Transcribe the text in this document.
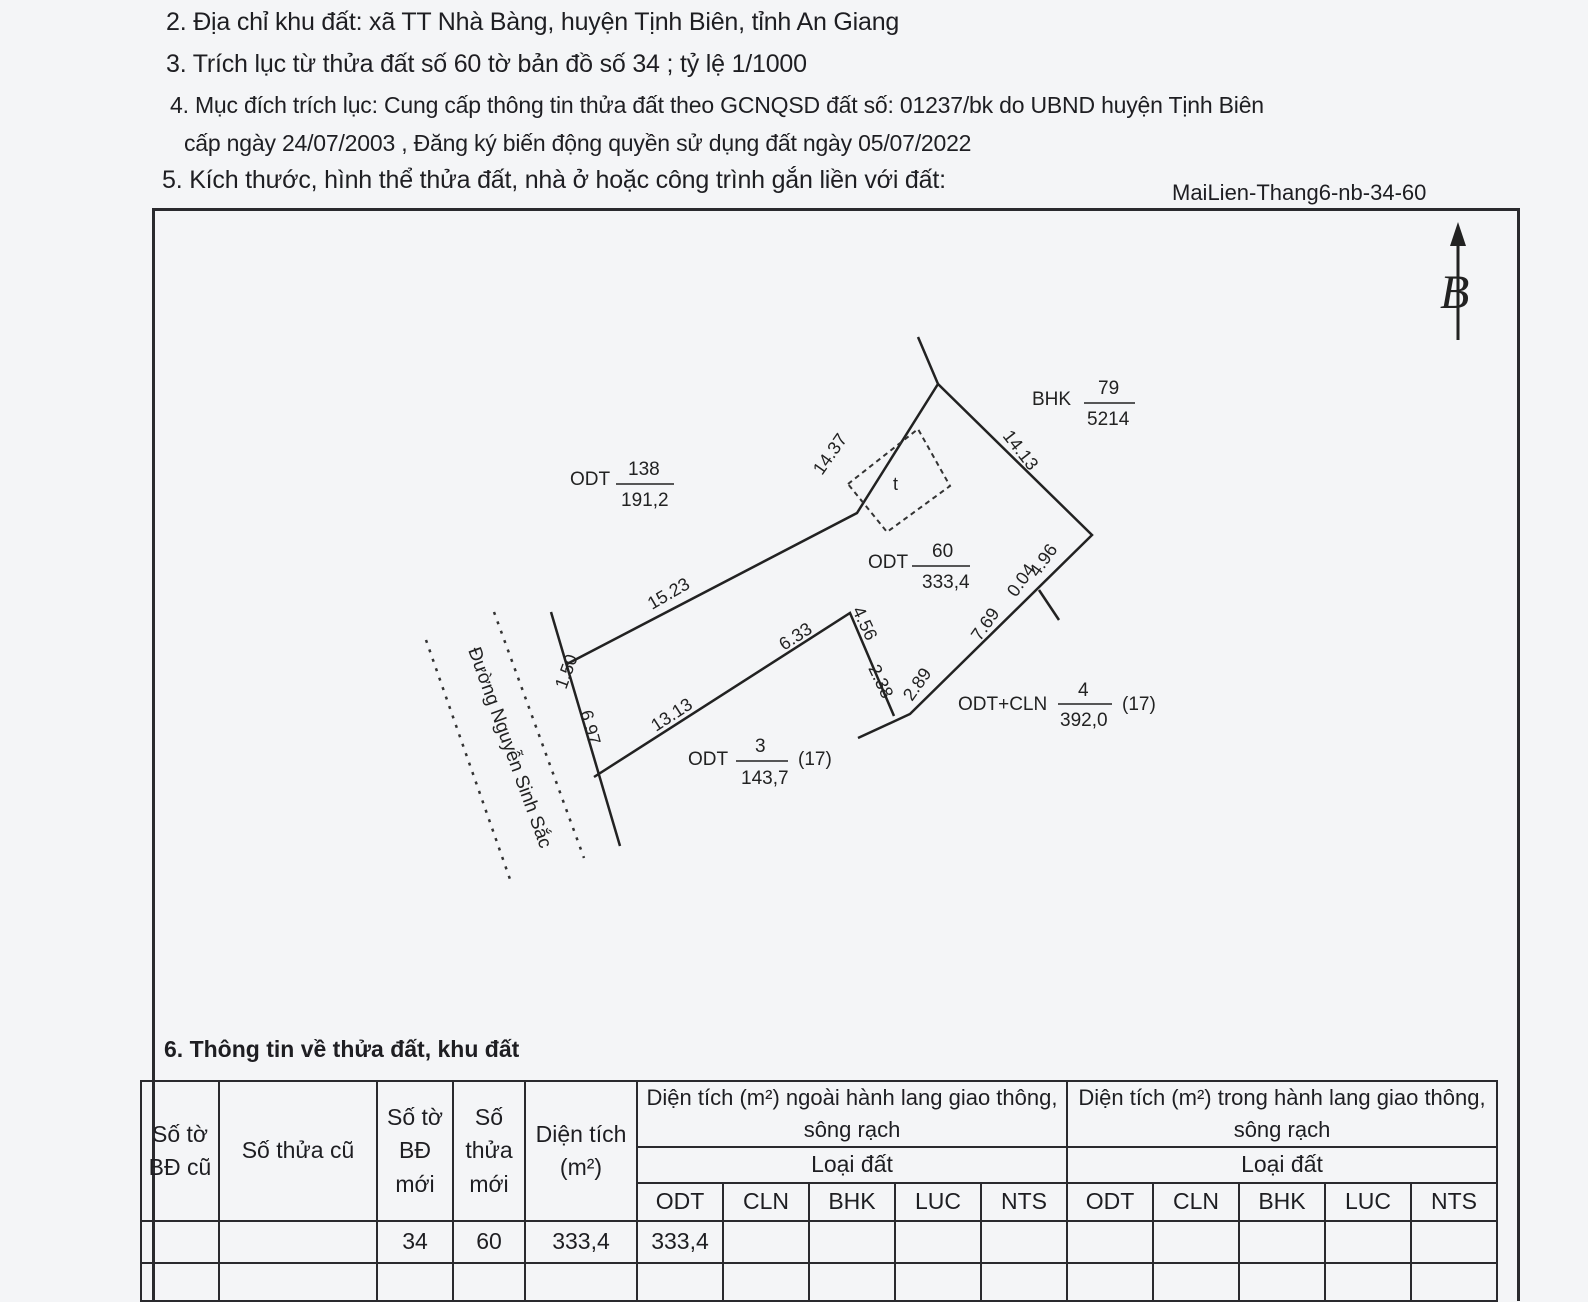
2. Địa chỉ khu đất: xã TT Nhà Bàng, huyện Tịnh Biên, tỉnh An Giang
3. Trích lục từ thửa đất số 60 tờ bản đồ số 34 ; tỷ lệ 1/1000
4. Mục đích trích lục: Cung cấp thông tin thửa đất theo GCNQSD đất số: 01237/bk do UBND huyện Tịnh Biên
cấp ngày 24/07/2003 , Đăng ký biến động quyền sử dụng đất ngày 05/07/2022
5. Kích thước, hình thể thửa đất, nhà ở hoặc công trình gắn liền với đất:	MaiLien-Thang6-nb-34-60
B
Đường Nguyễn Sinh Sắc
t
ODT
60
333,4
ODT 138
191,2
BHK
79
5214
ODT+CLN
4
392,0
(17)
ODT
3
143,7
(17)
14.37	14.13
15.23
1.50
6.97 13.13
6.33 4.56
2.38 2.89
7.69
0.04
4.96
6. Thông tin về thửa đất, khu đất
Số tờ BĐ cũ	Số thửa cũ	Số tờ BĐ mới	Số thửa mới	Diện tích (m²)	Diện tích (m²) ngoài hành lang giao thông, sông rạch					Diện tích (m²) trong hành lang giao thông, sông rạch				
					Loại đất					Loại đất				
					ODT	CLN	BHK	LUC	NTS	ODT	CLN	BHK	LUC	NTS
		34	60	333,4	333,4									
